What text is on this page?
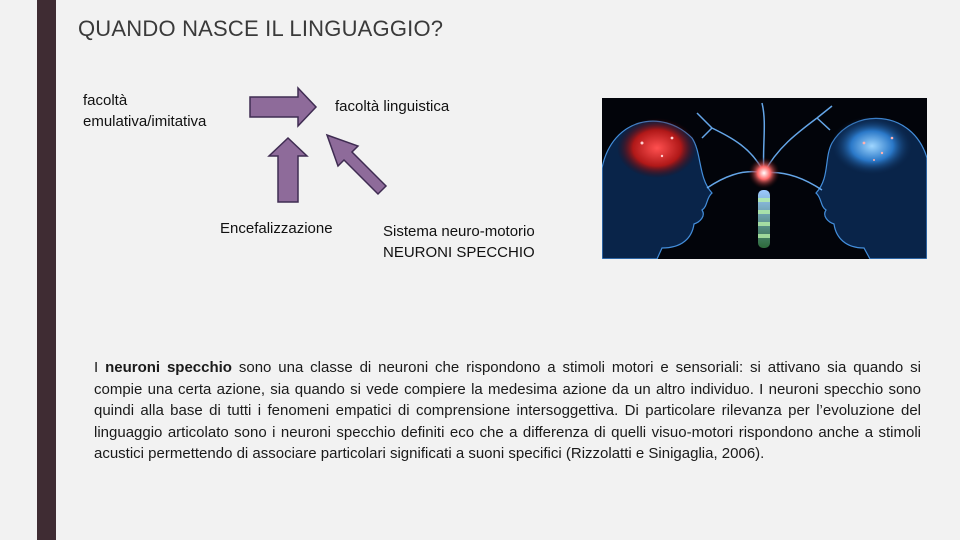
QUANDO NASCE IL LINGUAGGIO?
facoltà emulativa/imitativa
facoltà linguistica
Encefalizzazione	Sistema neuro-motorio
NEURONI SPECCHIO
I neuroni specchio sono una classe di neuroni che rispondono a stimoli motori e sensoriali: si attivano sia quando si compie una certa azione, sia quando si vede compiere la medesima azione da un altro individuo. I neuroni specchio sono quindi alla base di tutti i fenomeni empatici di comprensione intersoggettiva. Di particolare rilevanza per l’evoluzione del linguaggio articolato sono i neuroni specchio definiti eco che a differenza di quelli visuo-motori rispondono anche a stimoli acustici permettendo di associare particolari significati a suoni specifici (Rizzolatti e Sinigaglia, 2006).
